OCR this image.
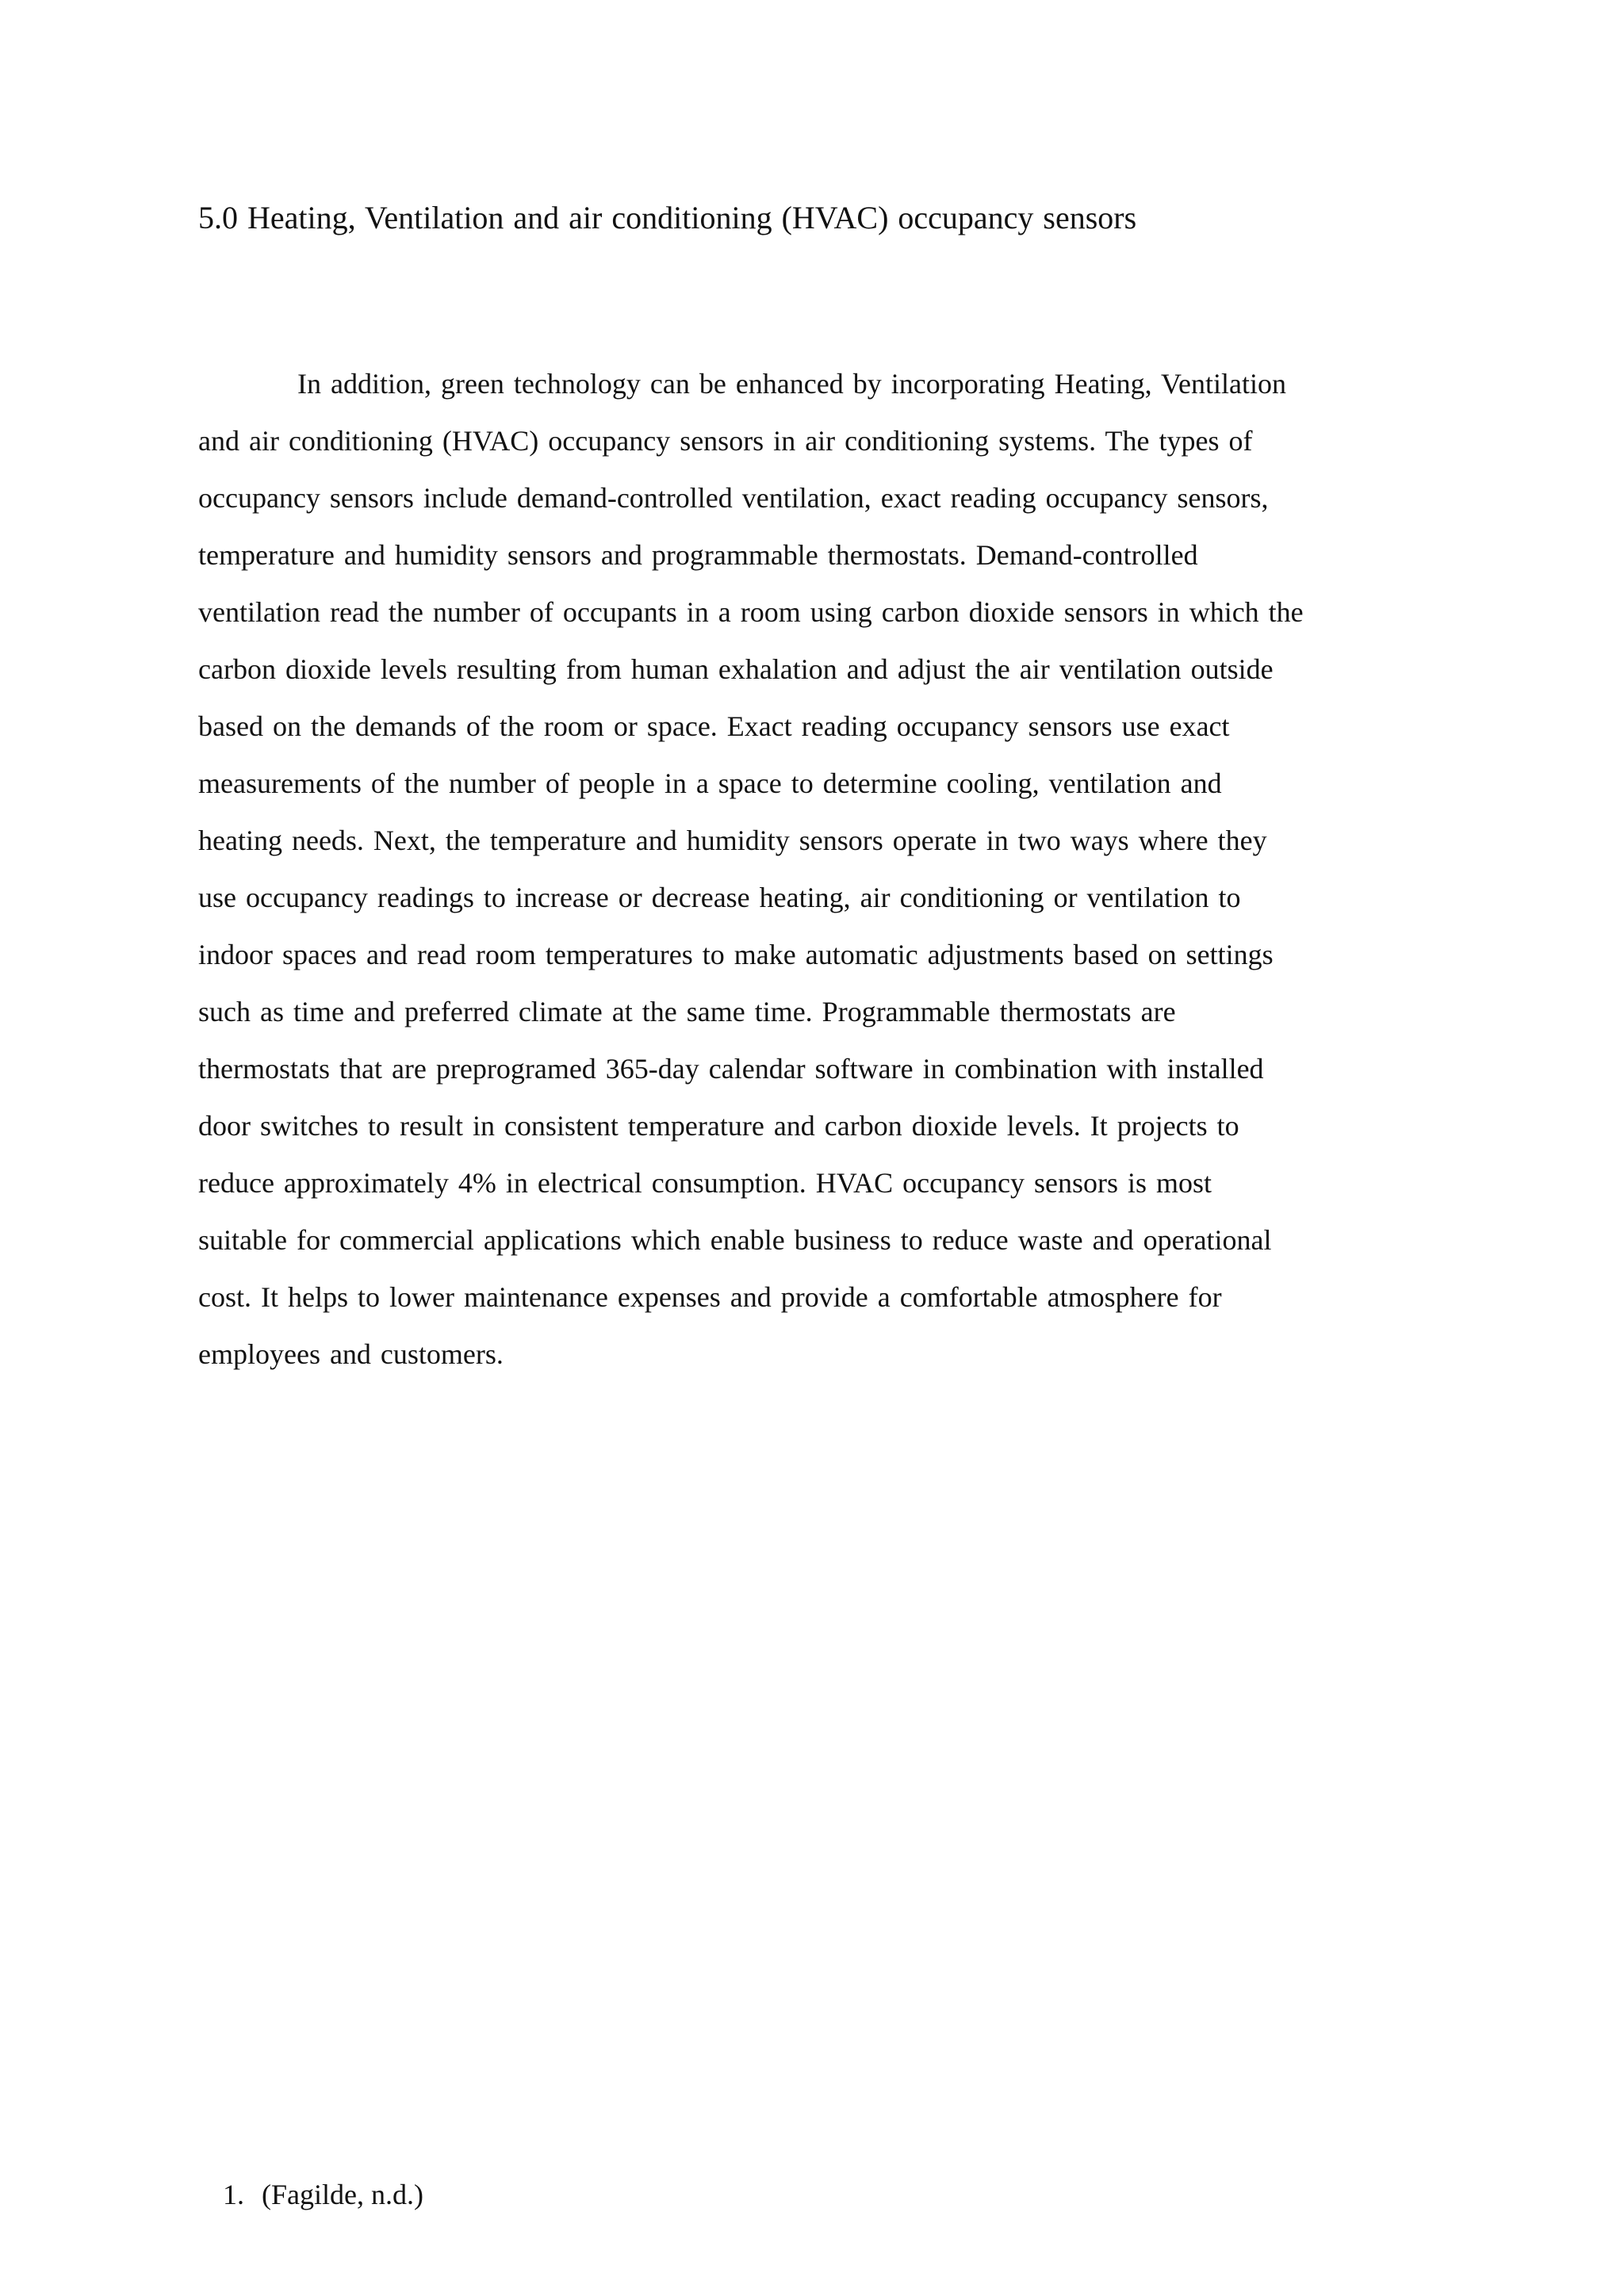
5.0 Heating, Ventilation and air conditioning (HVAC) occupancy sensors
In addition, green technology can be enhanced by incorporating Heating, Ventilation
and air conditioning (HVAC) occupancy sensors in air conditioning systems. The types of
occupancy sensors include demand-controlled ventilation, exact reading occupancy sensors,
temperature and humidity sensors and programmable thermostats. Demand-controlled
ventilation read the number of occupants in a room using carbon dioxide sensors in which the
carbon dioxide levels resulting from human exhalation and adjust the air ventilation outside
based on the demands of the room or space. Exact reading occupancy sensors use exact
measurements of the number of people in a space to determine cooling, ventilation and
heating needs. Next, the temperature and humidity sensors operate in two ways where they
use occupancy readings to increase or decrease heating, air conditioning or ventilation to
indoor spaces and read room temperatures to make automatic adjustments based on settings
such as time and preferred climate at the same time. Programmable thermostats are
thermostats that are preprogramed 365-day calendar software in combination with installed
door switches to result in consistent temperature and carbon dioxide levels. It projects to
reduce approximately 4% in electrical consumption. HVAC occupancy sensors is most
suitable for commercial applications which enable business to reduce waste and operational
cost. It helps to lower maintenance expenses and provide a comfortable atmosphere for
employees and customers.
1. (Fagilde, n.d.)
